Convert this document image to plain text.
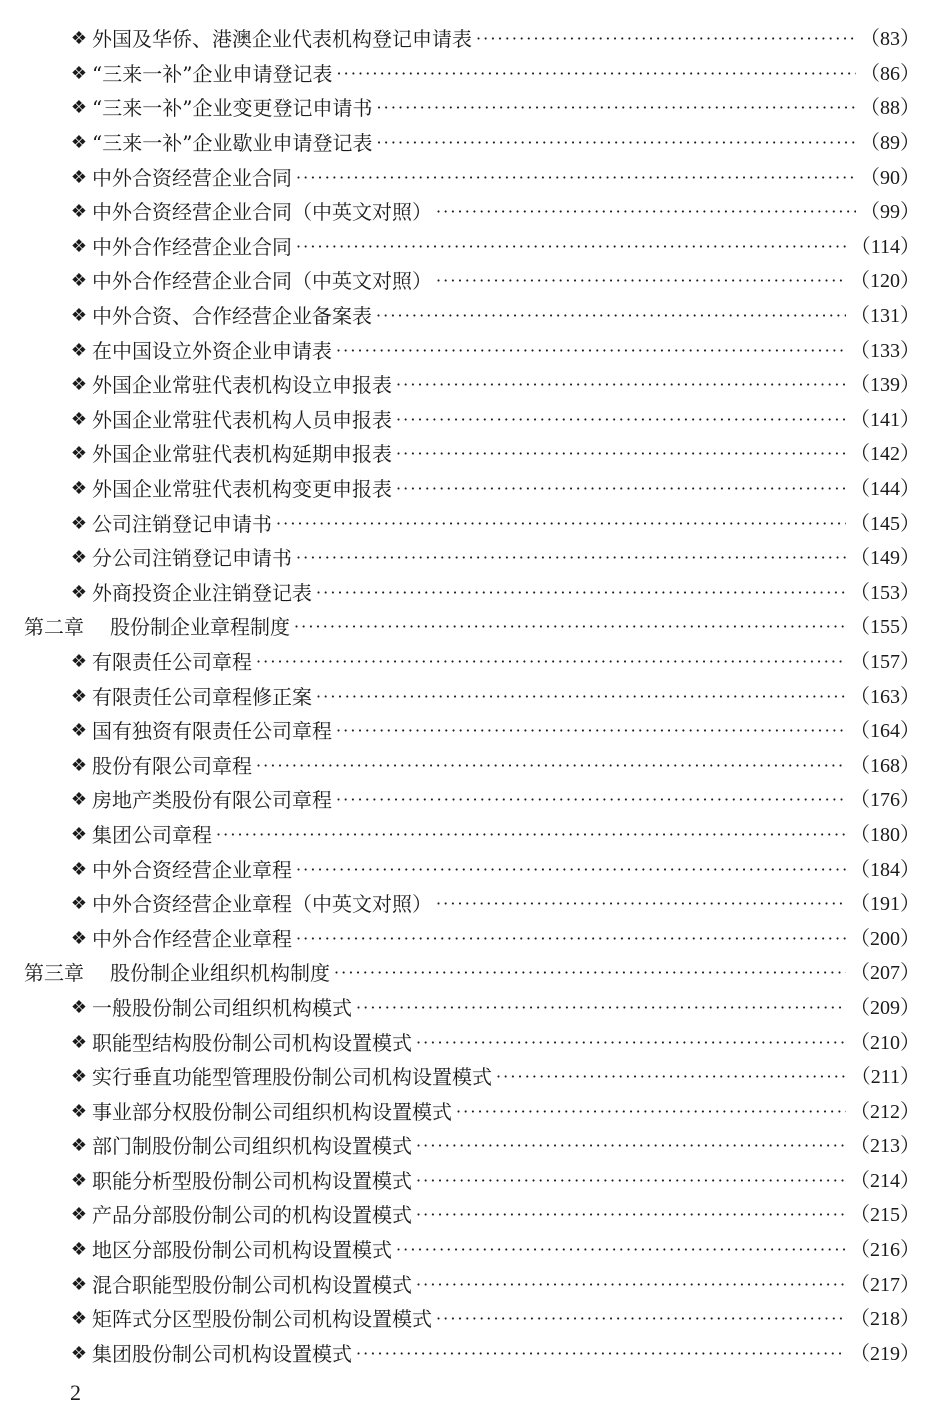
❖ 外国及华侨、港澳企业代表机构登记申请表 ·····	（83）
❖ “三来一补”企业申请登记表 ·····	（86）
❖ “三来一补”企业变更登记申请书 ·····	（88）
❖ “三来一补”企业歇业申请登记表 ·····	（89）
❖ 中外合资经营企业合同 ·····	（90）
❖ 中外合资经营企业合同（中英文对照） ·····	（99）
❖ 中外合作经营企业合同 ·····	（114）
❖ 中外合作经营企业合同（中英文对照） ·····	（120）
❖ 中外合资、合作经营企业备案表 ·····	（131）
❖ 在中国设立外资企业申请表 ·····	（133）
❖ 外国企业常驻代表机构设立申报表 ·····	（139）
❖ 外国企业常驻代表机构人员申报表 ·····	（141）
❖ 外国企业常驻代表机构延期申报表 ·····	（142）
❖ 外国企业常驻代表机构变更申报表 ·····	（144）
❖ 公司注销登记申请书 ·····	（145）
❖ 分公司注销登记申请书 ·····	（149）
❖ 外商投资企业注销登记表 ·····	（153）
第二章 股份制企业章程制度 ·····	（155）
❖ 有限责任公司章程 ·····	（157）
❖ 有限责任公司章程修正案 ·····	（163）
❖ 国有独资有限责任公司章程 ·····	（164）
❖ 股份有限公司章程 ·····	（168）
❖ 房地产类股份有限公司章程 ·····	（176）
❖ 集团公司章程 ·····	（180）
❖ 中外合资经营企业章程 ·····	（184）
❖ 中外合资经营企业章程（中英文对照） ·····	（191）
❖ 中外合作经营企业章程 ·····	（200）
第三章 股份制企业组织机构制度 ·····	（207）
❖ 一般股份制公司组织机构模式 ·····	（209）
❖ 职能型结构股份制公司机构设置模式 ·····	（210）
❖ 实行垂直功能型管理股份制公司机构设置模式 ·····	（211）
❖ 事业部分权股份制公司组织机构设置模式 ·····	（212）
❖ 部门制股份制公司组织机构设置模式 ·····	（213）
❖ 职能分析型股份制公司机构设置模式 ·····	（214）
❖ 产品分部股份制公司的机构设置模式 ·····	（215）
❖ 地区分部股份制公司机构设置模式 ·····	（216）
❖ 混合职能型股份制公司机构设置模式 ·····	（217）
❖ 矩阵式分区型股份制公司机构设置模式 ·····	（218）
❖ 集团股份制公司机构设置模式 ·····	（219）
2
